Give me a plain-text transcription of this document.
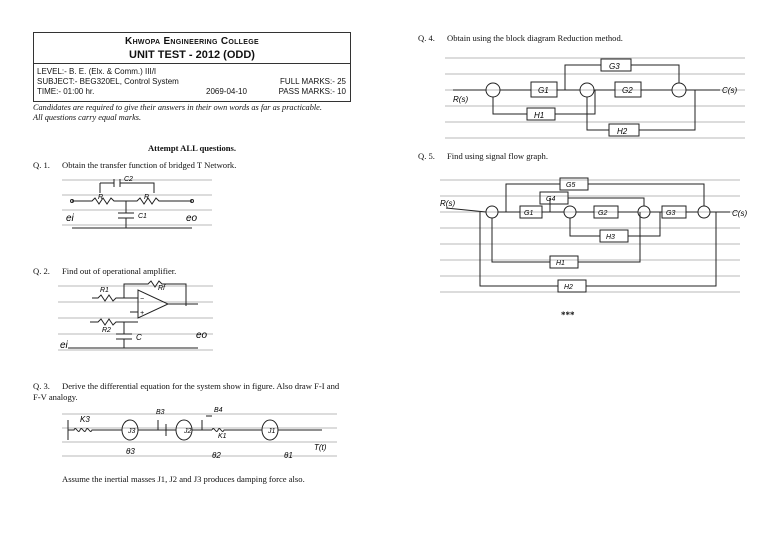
Khwopa Engineering College
UNIT TEST - 2012 (ODD)
LEVEL:- B. E. (Elx. & Comm.) III/I
SUBJECT:- BEG320EL, Control System	FULL MARKS:- 25
TIME:- 01:00 hr.	2069-04-10	PASS MARKS:- 10
Candidates are required to give their answers in their own words as far as practicable.
All questions carry equal marks.
Attempt ALL questions.
Q. 1. Obtain the transfer function of bridged T Network.
C2
R	R
C1
ei	eo
Q. 2. Find out of operational amplifier.
−
+
R1	Rf
R2
C
ei
eo
Q. 3. Derive the differential equation for the system show in figure. Also draw F-I and F-V analogy.
K3
J3
B3
J2
B4
K1
J1
θ3	θ2	θ1
T(t)
Assume the inertial masses J1, J2 and J3 produces damping force also.
Q. 4. Obtain using the block diagram Reduction method.
R(s)
C(s)
G1	G2
G3
H1
H2
Q. 5. Find using signal flow graph.
R(s)
C(s)
G1	G2	G3
G4
G5
H1
H2
H3
***
